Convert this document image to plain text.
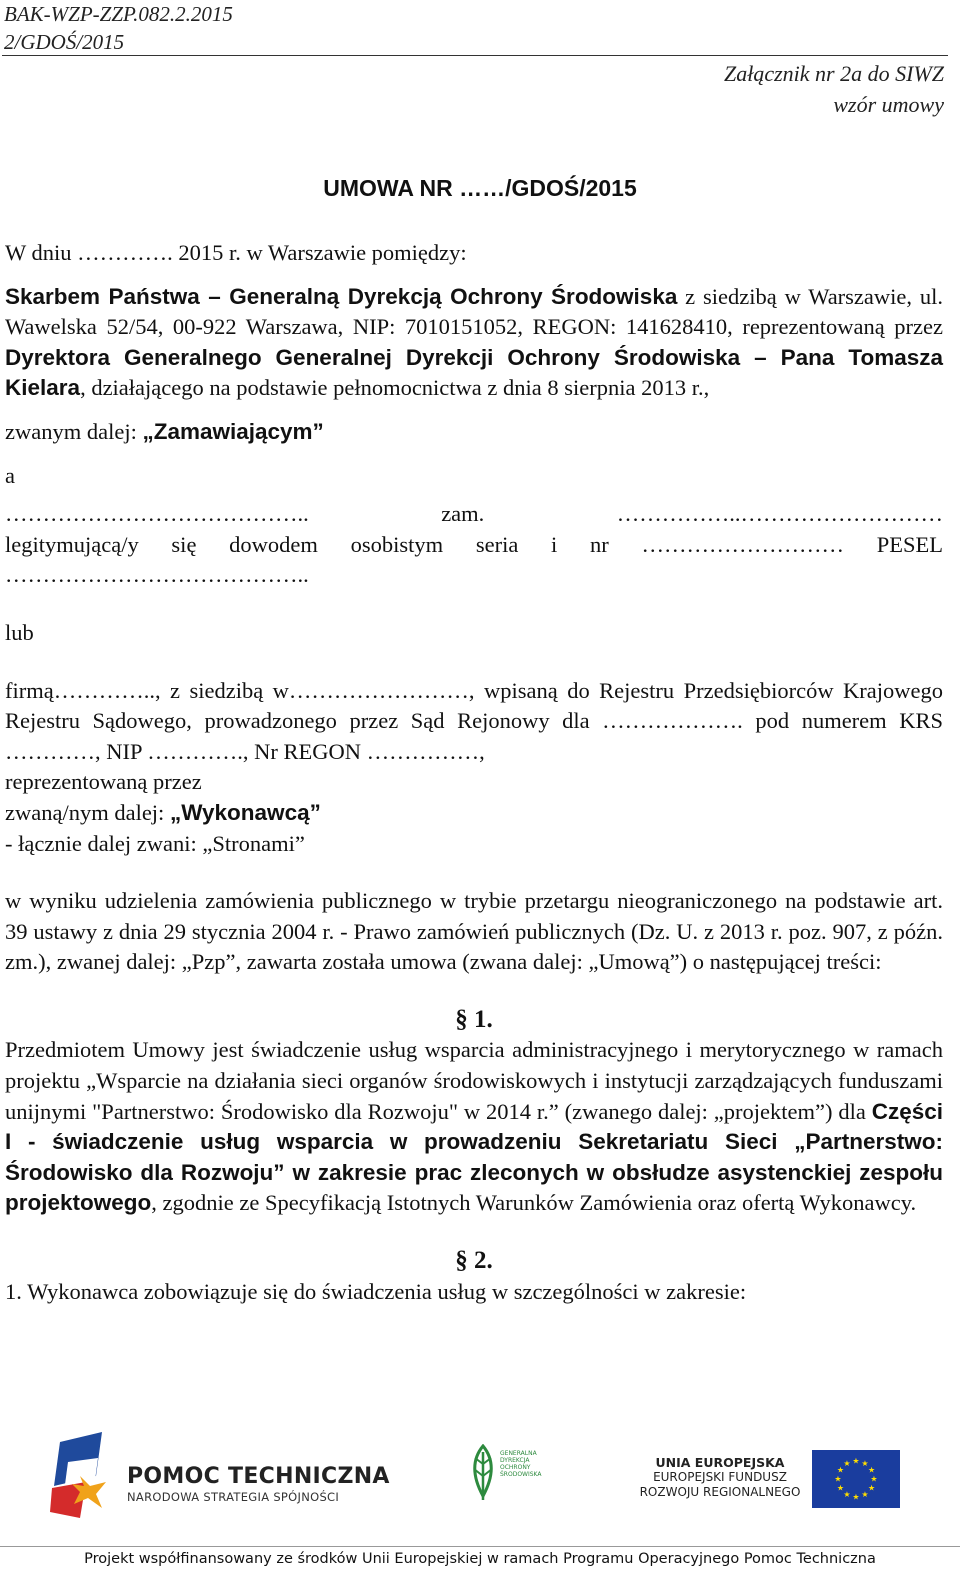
BAK-WZP-ZZP.082.2.2015
2/GDOŚ/2015
Załącznik nr 2a do SIWZ
wzór umowy
UMOWA NR ……/GDOŚ/2015

W dniu …………. 2015 r. w Warszawie pomiędzy:

Skarbem Państwa – Generalną Dyrekcją Ochrony Środowiska z siedzibą w Warszawie, ul. Wawelska 52/54, 00-922 Warszawa, NIP: 7010151052, REGON: 141628410, reprezentowaną przez Dyrektora Generalnego Generalnej Dyrekcji Ochrony Środowiska – Pana Tomasza Kielara, działającego na podstawie pełnomocnictwa z dnia 8 sierpnia 2013 r.,

zwanym dalej: „Zamawiającym”

a

………………………………….. zam. ……………..………………………

legitymującą/y się dowodem osobistym seria i nr ……………………… PESEL

…………………………………..

lub

firmą………….., z siedzibą w……………………, wpisaną do Rejestru Przedsiębiorców Krajowego Rejestru Sądowego, prowadzonego przez Sąd Rejonowy dla ………………. pod numerem KRS …………, NIP …………., Nr REGON ……………,

reprezentowaną przez

zwaną/nym dalej: „Wykonawcą”

- łącznie dalej zwani: „Stronami”

w wyniku udzielenia zamówienia publicznego w trybie przetargu nieograniczonego na podstawie art. 39 ustawy z dnia 29 stycznia 2004 r. - Prawo zamówień publicznych (Dz. U. z 2013 r. poz. 907, z późn. zm.), zwanej dalej: „Pzp”, zawarta została umowa (zwana dalej: „Umową”) o następującej treści:

§ 1.

Przedmiotem Umowy jest świadczenie usług wsparcia administracyjnego i merytorycznego w ramach projektu „Wsparcie na działania sieci organów środowiskowych i instytucji zarządzających funduszami unijnymi "Partnerstwo: Środowisko dla Rozwoju" w 2014 r.” (zwanego dalej: „projektem”) dla Części I - świadczenie usług wsparcia w prowadzeniu Sekretariatu Sieci „Partnerstwo: Środowisko dla Rozwoju” w zakresie prac zleconych w obsłudze asystenckiej zespołu projektowego, zgodnie ze Specyfikacją Istotnych Warunków Zamówienia oraz ofertą Wykonawcy.

§ 2.

1. Wykonawca zobowiązuje się do świadczenia usług w szczególności w zakresie:

POMOC TECHNICZNA
NARODOWA STRATEGIA SPÓJNOŚCI
GENERALNA
DYREKCJA
OCHRONY
ŚRODOWISKA
UNIA EUROPEJSKA
EUROPEJSKI FUNDUSZ
ROZWOJU REGIONALNEGO
★ ★
★
★
★
★
★
★
★
★
★
★
Projekt współfinansowany ze środków Unii Europejskiej w ramach Programu Operacyjnego Pomoc Techniczna
